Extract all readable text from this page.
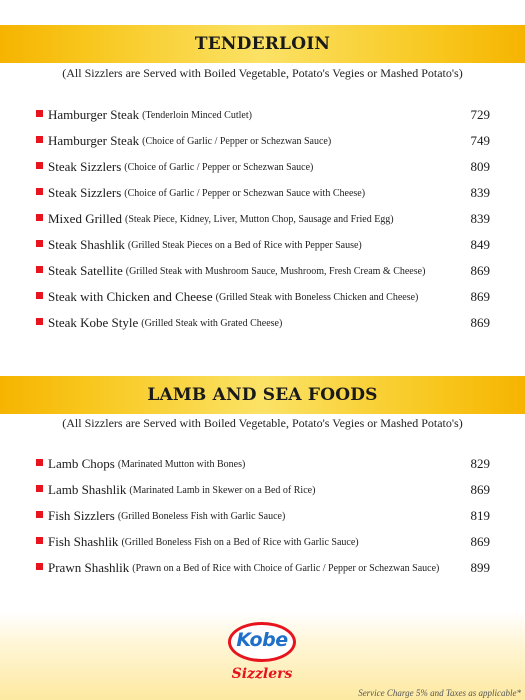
TENDERLOIN
(All Sizzlers are Served with Boiled Vegetable, Potato's Vegies or Mashed Potato's)
Hamburger Steak (Tenderloin Minced Cutlet)	729
Hamburger Steak (Choice of Garlic / Pepper or Schezwan Sauce)	749
Steak Sizzlers (Choice of Garlic / Pepper or Schezwan Sauce)	809
Steak Sizzlers (Choice of Garlic / Pepper or Schezwan Sauce with Cheese)	839
Mixed Grilled (Steak Piece, Kidney, Liver, Mutton Chop, Sausage and Fried Egg)	839
Steak Shashlik (Grilled Steak Pieces on a Bed of Rice with Pepper Sause)	849
Steak Satellite (Grilled Steak with Mushroom Sauce, Mushroom, Fresh Cream & Cheese)	869
Steak with Chicken and Cheese (Grilled Steak with Boneless Chicken and Cheese)	869
Steak Kobe Style (Grilled Steak with Grated Cheese)	869
LAMB AND SEA FOODS
(All Sizzlers are Served with Boiled Vegetable, Potato's Vegies or Mashed Potato's)
Lamb Chops (Marinated Mutton with Bones)	829
Lamb Shashlik (Marinated Lamb in Skewer on a Bed of Rice)	869
Fish Sizzlers (Grilled Boneless Fish with Garlic Sauce)	819
Fish Shashlik (Grilled Boneless Fish on a Bed of Rice with Garlic Sauce)	869
Prawn Shashlik (Prawn on a Bed of Rice with Choice of Garlic / Pepper or Schezwan Sauce) 899
Kobe
Sizzlers
Service Charge 5% and Taxes as applicable*
